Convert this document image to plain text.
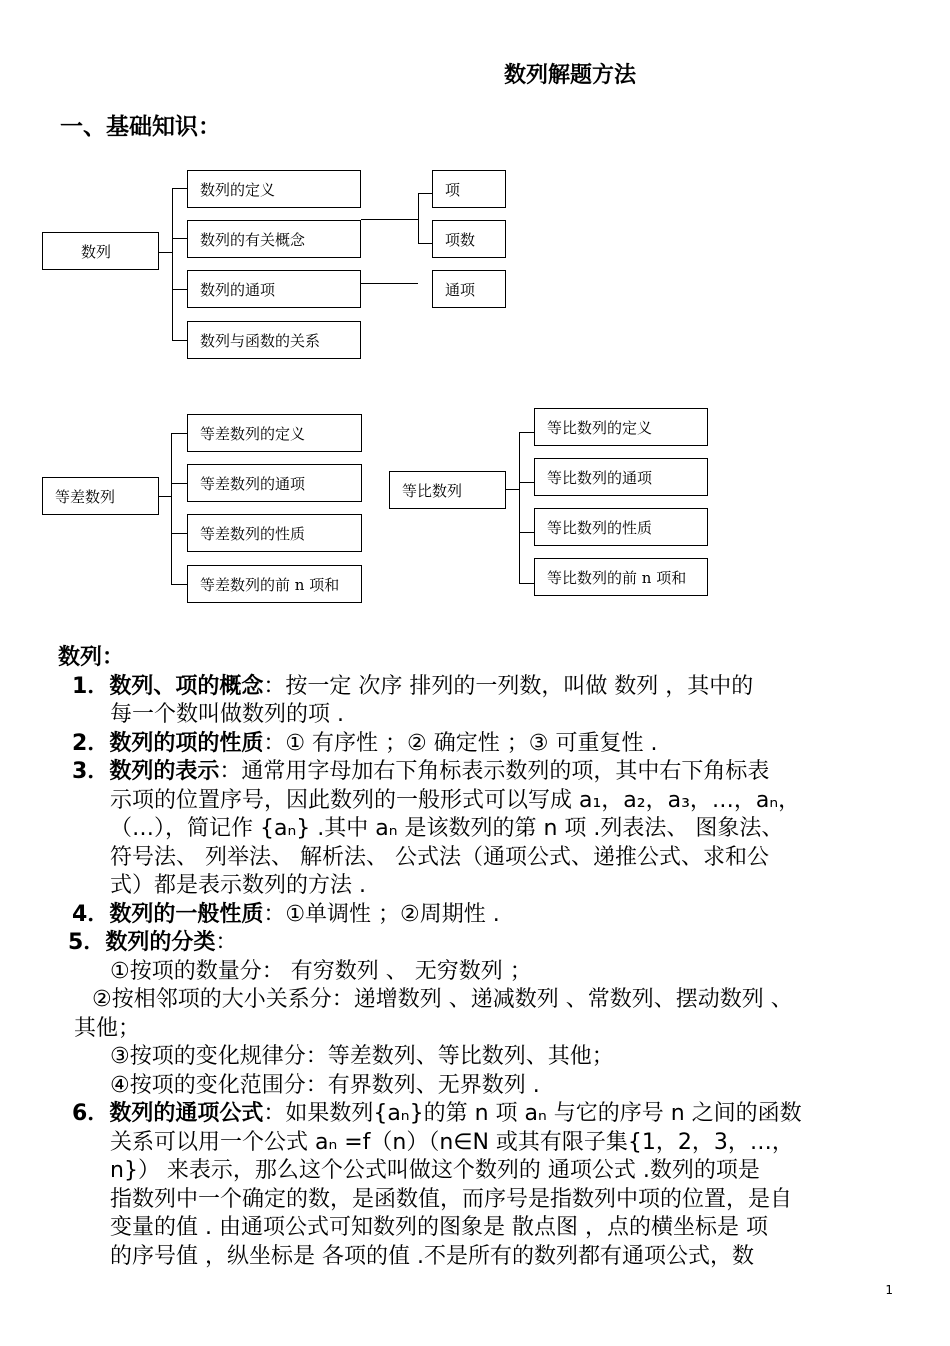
数列解题方法
一、基础知识：
数列
数列的定义
数列的有关概念
数列的通项
数列与函数的关系
项
项数
通项
等差数列
等差数列的定义
等差数列的通项
等差数列的性质
等差数列的前 n 项和
等比数列
等比数列的定义
等比数列的通项
等比数列的性质
等比数列的前 n 项和
数列：
1．数列、项的概念：按一定 次序 排列的一列数，叫做 数列 ，其中的
每一个数叫做数列的项 .
2．数列的项的性质：① 有序性 ；② 确定性 ；③ 可重复性 .
3．数列的表示：通常用字母加右下角标表示数列的项，其中右下角标表
示项的位置序号，因此数列的一般形式可以写成 a₁，a₂，a₃，…，aₙ，
（…），简记作 {aₙ} .其中 aₙ 是该数列的第 n 项 .列表法、 图象法、
符号法、 列举法、 解析法、 公式法（通项公式、递推公式、求和公
式）都是表示数列的方法 .
4．数列的一般性质：①单调性 ；②周期性 .
5．数列的分类：
①按项的数量分： 有穷数列 、 无穷数列 ；
②按相邻项的大小关系分：递增数列 、递减数列 、常数列、摆动数列 、
其他；
③按项的变化规律分：等差数列、等比数列、其他；
④按项的变化范围分：有界数列、无界数列 .
6．数列的通项公式：如果数列{aₙ}的第 n 项 aₙ 与它的序号 n 之间的函数
关系可以用一个公式 aₙ =f（n）（n∈N 或其有限子集{1，2，3，…，
n}） 来表示，那么这个公式叫做这个数列的 通项公式 .数列的项是
指数列中一个确定的数，是函数值，而序号是指数列中项的位置，是自
变量的值 . 由通项公式可知数列的图象是 散点图 ，点的横坐标是 项
的序号值 ，纵坐标是 各项的值 .不是所有的数列都有通项公式，数
1
